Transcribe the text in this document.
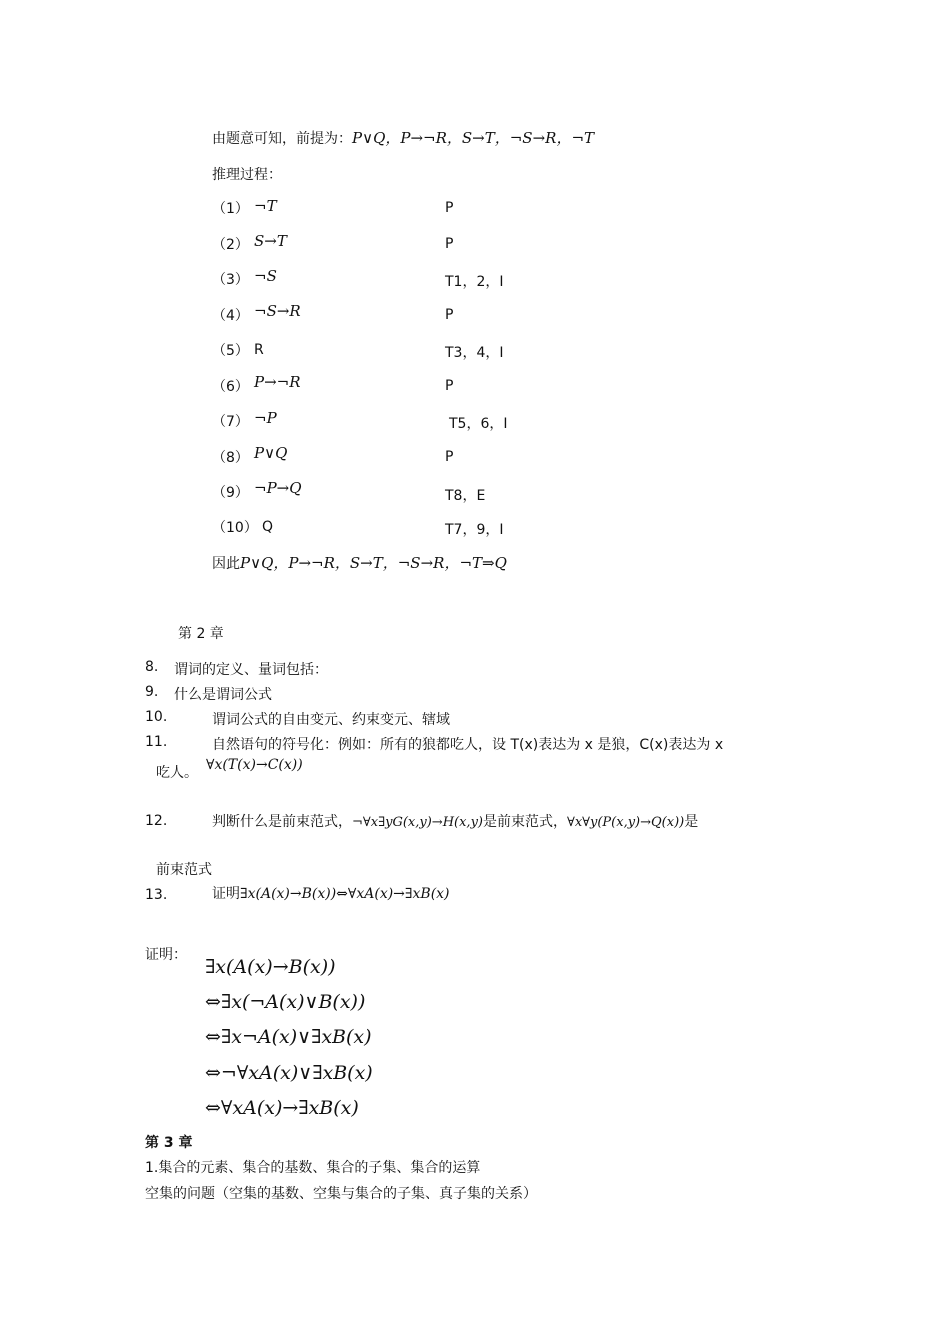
由题意可知，前提为：P∨Q，P→¬R，S→T，¬S→R，¬T
推理过程：
（1） ¬T	P
（2） S→T	P
（3） ¬S	T1，2，I
（4） ¬S→R	P
（5） R	T3，4，I
（6） P→¬R	P
（7） ¬P	T5，6，I
（8） P∨Q	P
（9） ¬P→Q	T8，E
（10） Q	T7，9，I
因此P∨Q，P→¬R，S→T，¬S→R，¬T⇒Q
第 2 章
8. 谓词的定义、量词包括：
9. 什么是谓词公式
10.	谓词公式的自由变元、约束变元、辖域
11.	自然语句的符号化：例如：所有的狼都吃人，设 T(x)表达为 x 是狼，C(x)表达为 x
吃人。 ∀x(T(x)→C(x))
12.	判断什么是前束范式，¬∀x∃yG(x,y)→H(x,y)是前束范式，∀x∀y(P(x,y)→Q(x))是
前束范式
13.	证明∃x(A(x)→B(x))⇔∀xA(x)→∃xB(x)
证明：
∃x(A(x)→B(x))
⇔∃x(¬A(x)∨B(x))
⇔∃x¬A(x)∨∃xB(x)
⇔¬∀xA(x)∨∃xB(x)
⇔∀xA(x)→∃xB(x)
第 3 章
1.集合的元素、集合的基数、集合的子集、集合的运算
空集的问题（空集的基数、空集与集合的子集、真子集的关系）
